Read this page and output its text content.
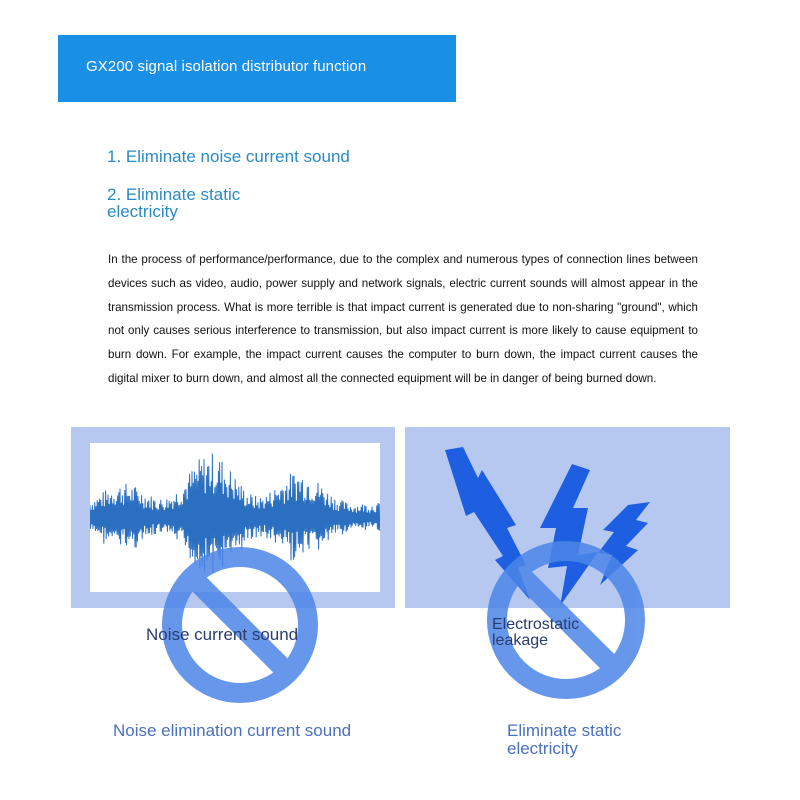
GX200 signal isolation distributor function
1. Eliminate noise current sound
2. Eliminate static electricity
In the process of performance/performance, due to the complex and numerous types of connection lines between devices such as video, audio, power supply and network signals, electric current sounds will almost appear in the transmission process. What is more terrible is that impact current is generated due to non-sharing "ground", which not only causes serious interference to transmission, but also impact current is more likely to cause equipment to burn down. For example, the impact current causes the computer to burn down, the impact current causes the digital mixer to burn down, and almost all the connected equipment will be in danger of being burned down.
Noise current sound
Electrostatic leakage
Noise elimination current sound	Eliminate static electricity
